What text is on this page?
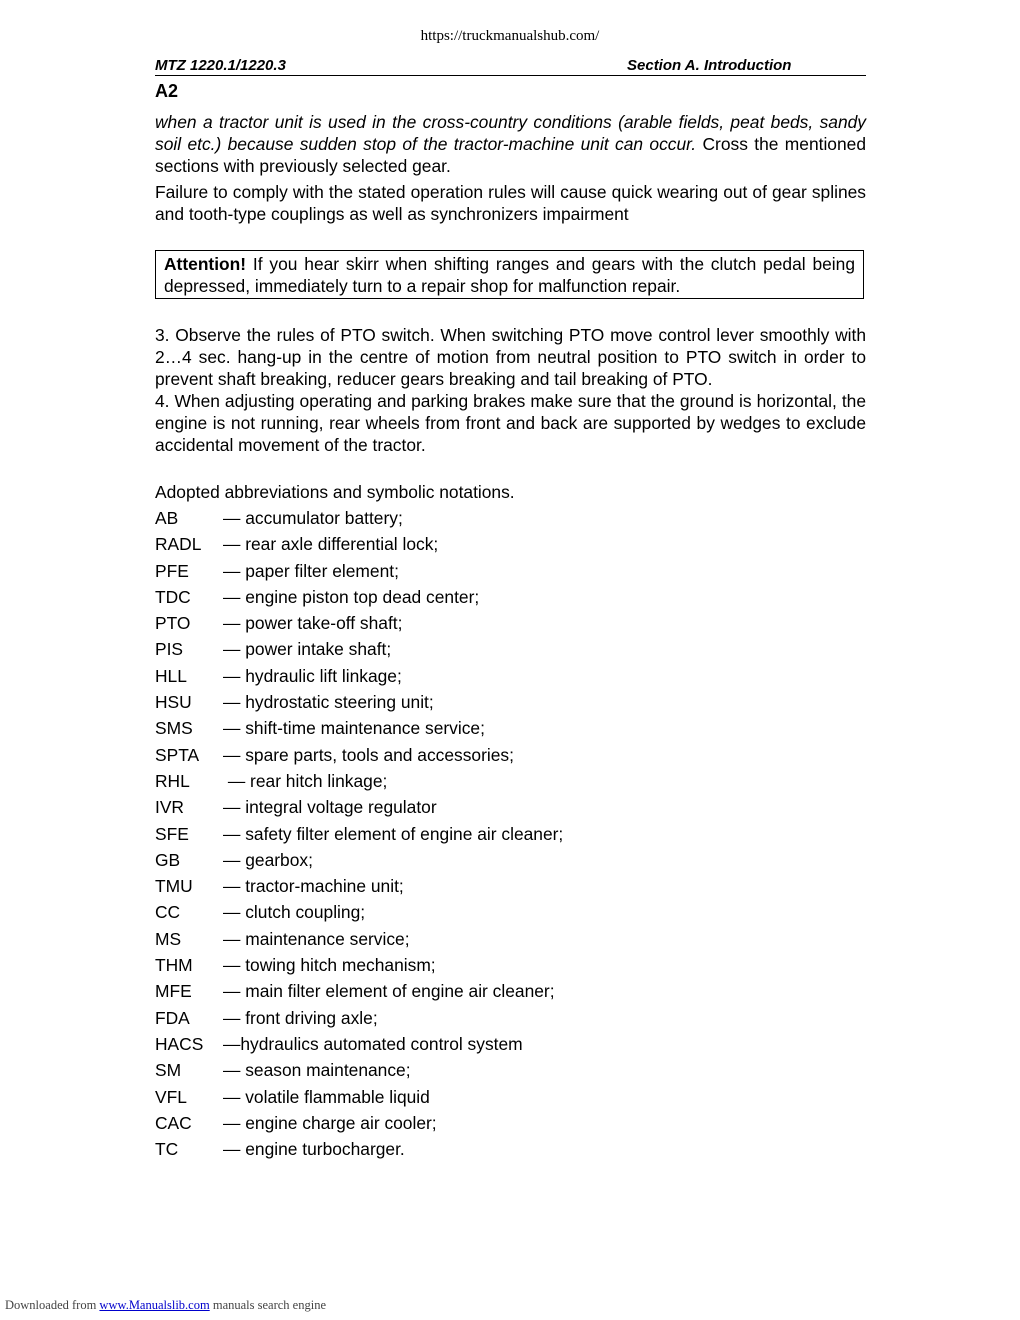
https://truckmanualshub.com/
MTZ 1220.1/1220.3	Section A. Introduction
A2

when a tractor unit is used in the cross-country conditions (arable fields, peat beds, sandy soil etc.) because sudden stop of the tractor-machine unit can occur. Cross the mentioned sections with previously selected gear.

Failure to comply with the stated operation rules will cause quick wearing out of gear splines and tooth-type couplings as well as synchronizers impairment

Attention! If you hear skirr when shifting ranges and gears with the clutch pedal being depressed, immediately turn to a repair shop for malfunction repair.

3. Observe the rules of PTO switch. When switching PTO move control lever smoothly with 2…4 sec. hang-up in the centre of motion from neutral position to PTO switch in order to prevent shaft breaking, reducer gears breaking and tail breaking of PTO.

4. When adjusting operating and parking brakes make sure that the ground is horizontal, the engine is not running, rear wheels from front and back are supported by wedges to exclude accidental movement of the tractor.

Adopted abbreviations and symbolic notations.
AB	— accumulator battery;
RADL — rear axle differential lock;
PFE — paper filter element;
TDC — engine piston top dead center;
PTO — power take-off shaft;
PIS — power intake shaft;
HLL — hydraulic lift linkage;
HSU — hydrostatic steering unit;
SMS — shift-time maintenance service;
SPTA — spare parts, tools and accessories;
RHL — rear hitch linkage;
IVR — integral voltage regulator
SFE — safety filter element of engine air cleaner;
GB — gearbox;
TMU — tractor-machine unit;
CC — clutch coupling;
MS — maintenance service;
THM — towing hitch mechanism;
MFE — main filter element of engine air cleaner;
FDA — front driving axle;
HACS —hydraulics automated control system
SM — season maintenance;
VFL — volatile flammable liquid
CAC — engine charge air cooler;
TC	— engine turbocharger.
Downloaded from www.Manualslib.com manuals search engine
